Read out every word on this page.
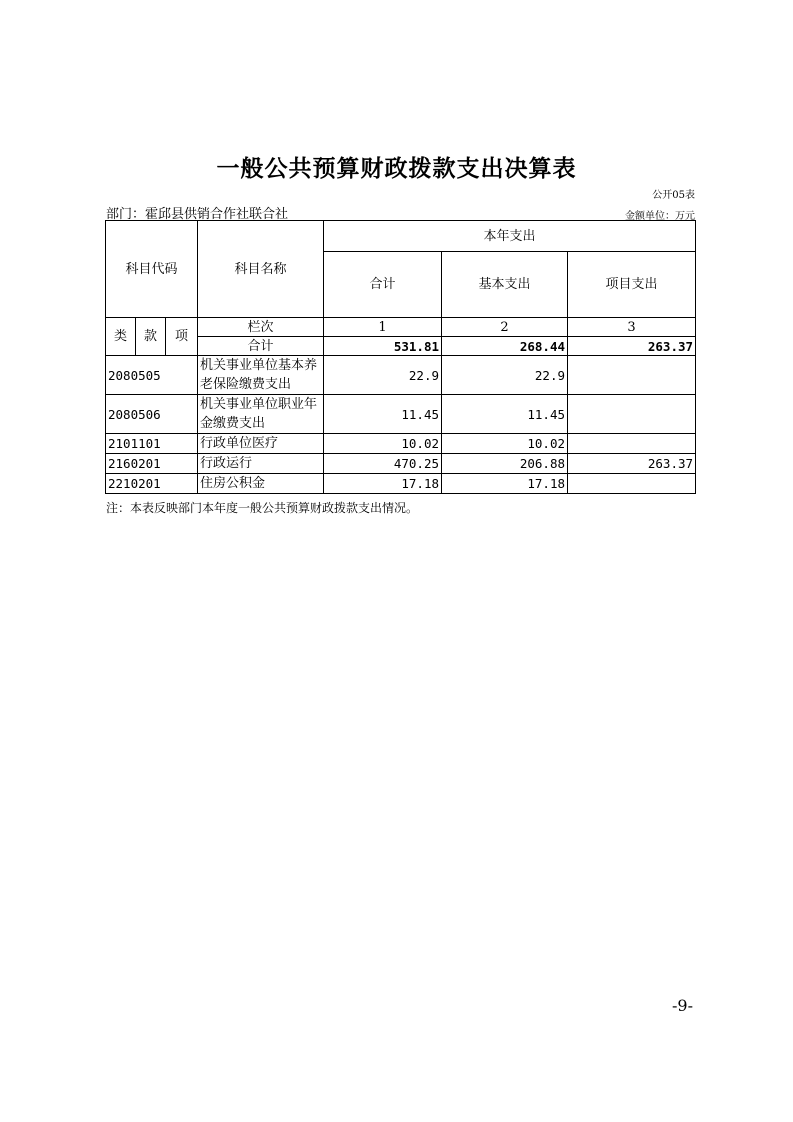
一般公共预算财政拨款支出决算表
公开05表
部门：霍邱县供销合作社联合社	金额单位：万元
科目代码			科目名称	本年支出		
				合计	基本支出	项目支出
类	款	项	栏次	1	2	3
			合计	531.81	268.44	263.37
2080505			机关事业单位基本养老保险缴费支出	22.9	22.9	
2080506			机关事业单位职业年金缴费支出	11.45	11.45	
2101101			行政单位医疗	10.02	10.02	
2160201			行政运行	470.25	206.88	263.37
2210201			住房公积金	17.18	17.18	
注：本表反映部门本年度一般公共预算财政拨款支出情况。
-9-
